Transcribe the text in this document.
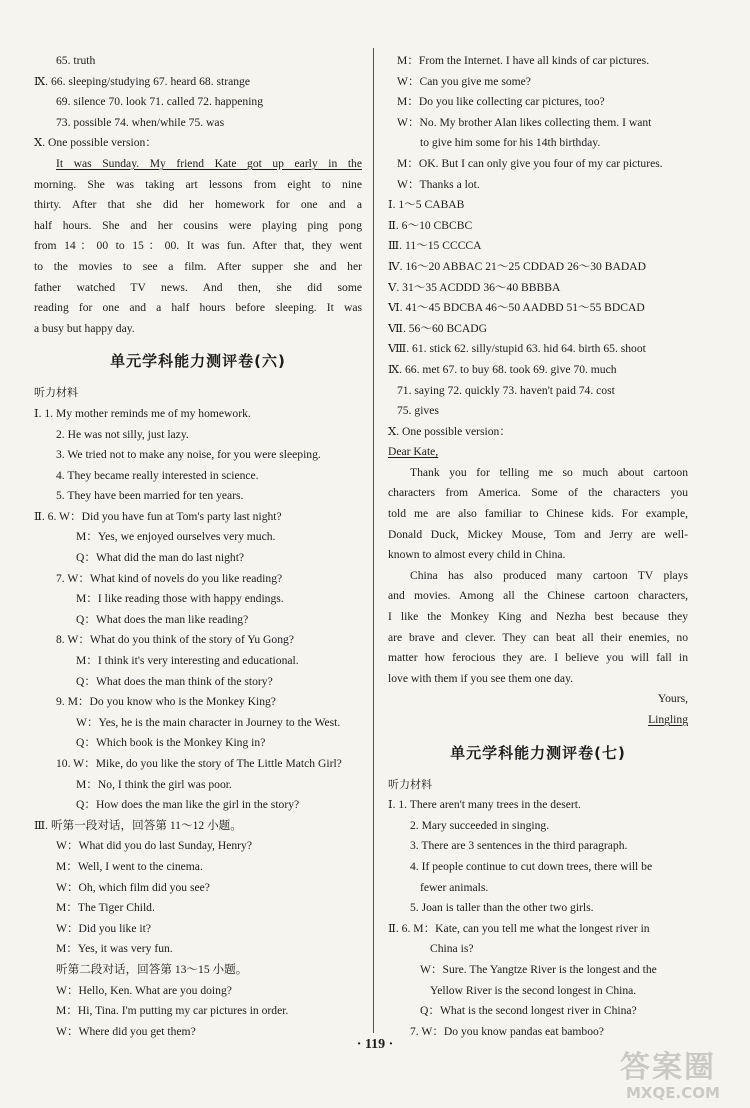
65. truth
Ⅸ. 66. sleeping/studying 67. heard 68. strange
69. silence 70. look 71. called 72. happening
73. possible 74. when/while 75. was
Ⅹ. One possible version：
It was Sunday. My friend Kate got up early in the
morning. She was taking art lessons from eight to nine
thirty. After that she did her homework for one and a
half hours. She and her cousins were playing ping pong
from 14：00 to 15：00. It was fun. After that, they went
to the movies to see a film. After supper she and her
father watched TV news. And then, she did some
reading for one and a half hours before sleeping. It was
a busy but happy day.
单元学科能力测评卷(六)
听力材料
Ⅰ. 1. My mother reminds me of my homework.
2. He was not silly, just lazy.
3. We tried not to make any noise, for you were sleeping.
4. They became really interested in science.
5. They have been married for ten years.
Ⅱ. 6. W：Did you have fun at Tom's party last night?
M：Yes, we enjoyed ourselves very much.
Q：What did the man do last night?
7. W：What kind of novels do you like reading?
M：I like reading those with happy endings.
Q：What does the man like reading?
8. W：What do you think of the story of Yu Gong?
M：I think it's very interesting and educational.
Q：What does the man think of the story?
9. M：Do you know who is the Monkey King?
W：Yes, he is the main character in Journey to the West.
Q：Which book is the Monkey King in?
10. W：Mike, do you like the story of The Little Match Girl?
M：No, I think the girl was poor.
Q：How does the man like the girl in the story?
Ⅲ. 听第一段对话，回答第 11～12 小题。
W：What did you do last Sunday, Henry?
M：Well, I went to the cinema.
W：Oh, which film did you see?
M：The Tiger Child.
W：Did you like it?
M：Yes, it was very fun.
听第二段对话，回答第 13～15 小题。
W：Hello, Ken. What are you doing?
M：Hi, Tina. I'm putting my car pictures in order.
W：Where did you get them?
M：From the Internet. I have all kinds of car pictures.
W：Can you give me some?
M：Do you like collecting car pictures, too?
W：No. My brother Alan likes collecting them. I want
to give him some for his 14th birthday.
M：OK. But I can only give you four of my car pictures.
W：Thanks a lot.
Ⅰ. 1～5 CABAB
Ⅱ. 6～10 CBCBC
Ⅲ. 11～15 CCCCA
Ⅳ. 16～20 ABBAC 21～25 CDDAD 26～30 BADAD
Ⅴ. 31～35 ACDDD 36～40 BBBBA
Ⅵ. 41～45 BDCBA 46～50 AADBD 51～55 BDCAD
Ⅶ. 56～60 BCADG
Ⅷ. 61. stick 62. silly/stupid 63. hid 64. birth 65. shoot
Ⅸ. 66. met 67. to buy 68. took 69. give 70. much
71. saying 72. quickly 73. haven't paid 74. cost
75. gives
Ⅹ. One possible version：
Dear Kate,
Thank you for telling me so much about cartoon
characters from America. Some of the characters you
told me are also familiar to Chinese kids. For example,
Donald Duck, Mickey Mouse, Tom and Jerry are well-
known to almost every child in China.
China has also produced many cartoon TV plays
and movies. Among all the Chinese cartoon characters,
I like the Monkey King and Nezha best because they
are brave and clever. They can beat all their enemies, no
matter how ferocious they are. I believe you will fall in
love with them if you see them one day.
Yours,
Lingling
单元学科能力测评卷(七)
听力材料
Ⅰ. 1. There aren't many trees in the desert.
2. Mary succeeded in singing.
3. There are 3 sentences in the third paragraph.
4. If people continue to cut down trees, there will be
fewer animals.
5. Joan is taller than the other two girls.
Ⅱ. 6. M：Kate, can you tell me what the longest river in
China is?
W：Sure. The Yangtze River is the longest and the
Yellow River is the second longest in China.
Q：What is the second longest river in China?
7. W：Do you know pandas eat bamboo?
· 119 ·
答案圈
MXQE.COM
